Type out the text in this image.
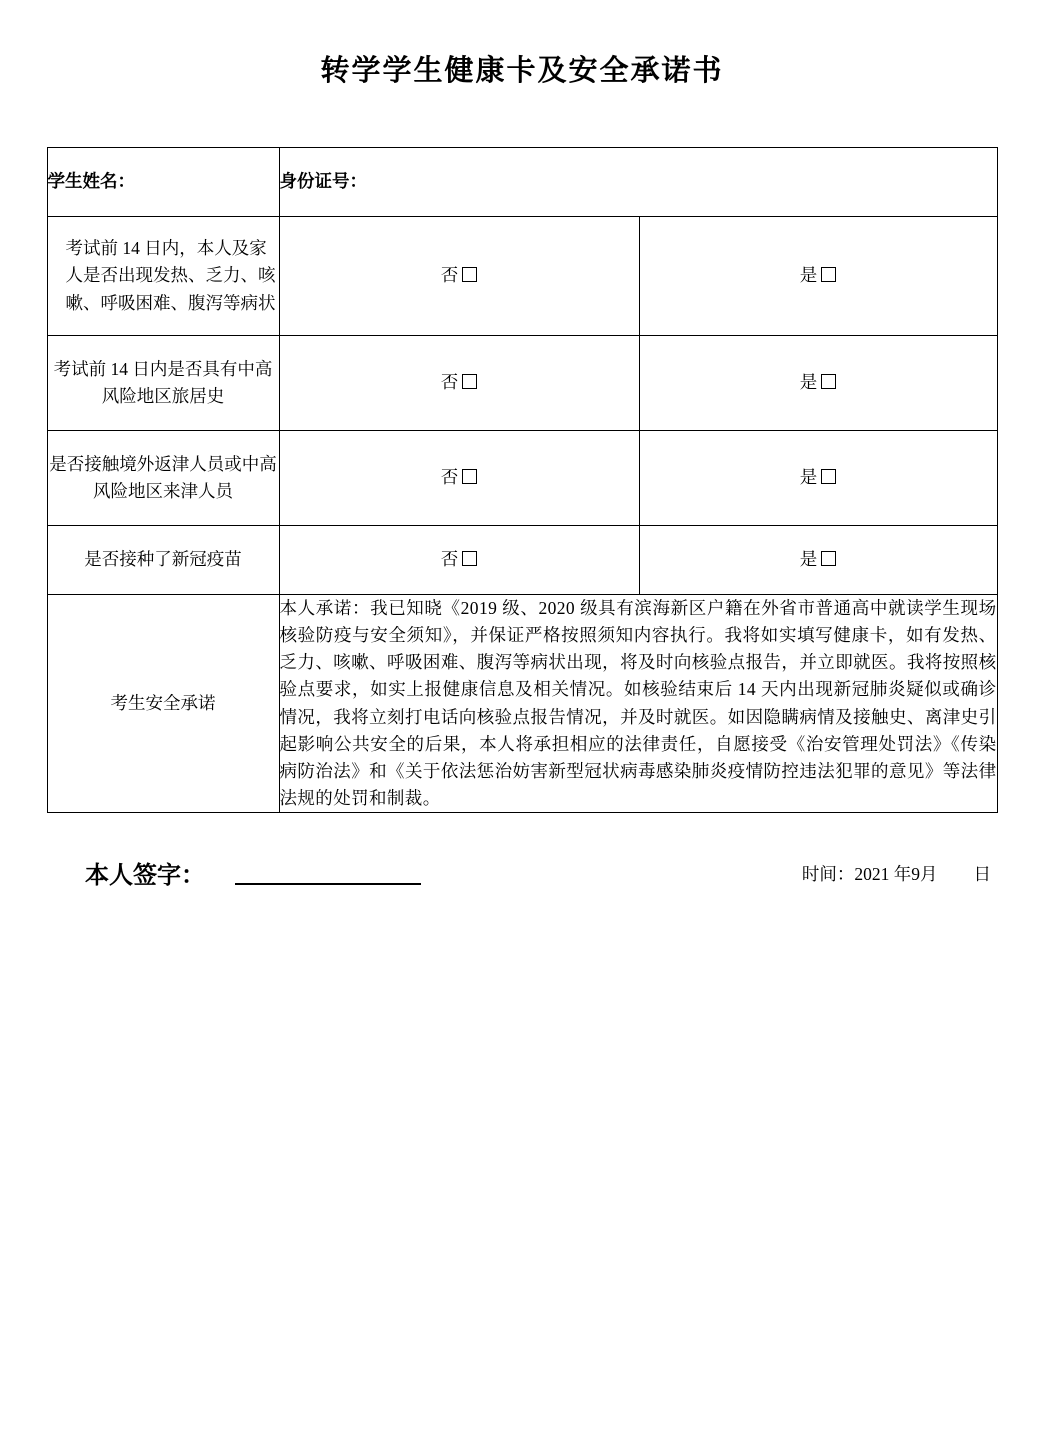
转学学生健康卡及安全承诺书
学生姓名：	身份证号：	
考试前 14 日内，本人及家人是否出现发热、乏力、咳嗽、呼吸困难、腹泻等病状	否	是
考试前 14 日内是否具有中高风险地区旅居史	否	是
是否接触境外返津人员或中高风险地区来津人员	否	是
是否接种了新冠疫苗	否	是
考生安全承诺	本人承诺：我已知晓《2019 级、2020 级具有滨海新区户籍在外省市普通高中就读学生现场核验防疫与安全须知》，并保证严格按照须知内容执行。我将如实填写健康卡，如有发热、乏力、咳嗽、呼吸困难、腹泻等病状出现，将及时向核验点报告，并立即就医。我将按照核验点要求，如实上报健康信息及相关情况。如核验结束后 14 天内出现新冠肺炎疑似或确诊情况，我将立刻打电话向核验点报告情况，并及时就医。如因隐瞒病情及接触史、离津史引起影响公共安全的后果，本人将承担相应的法律责任，自愿接受《治安管理处罚法》《传染病防治法》和《关于依法惩治妨害新型冠状病毒感染肺炎疫情防控违法犯罪的意见》等法律法规的处罚和制裁。	
本人签字：	时间：2021 年9月 日
